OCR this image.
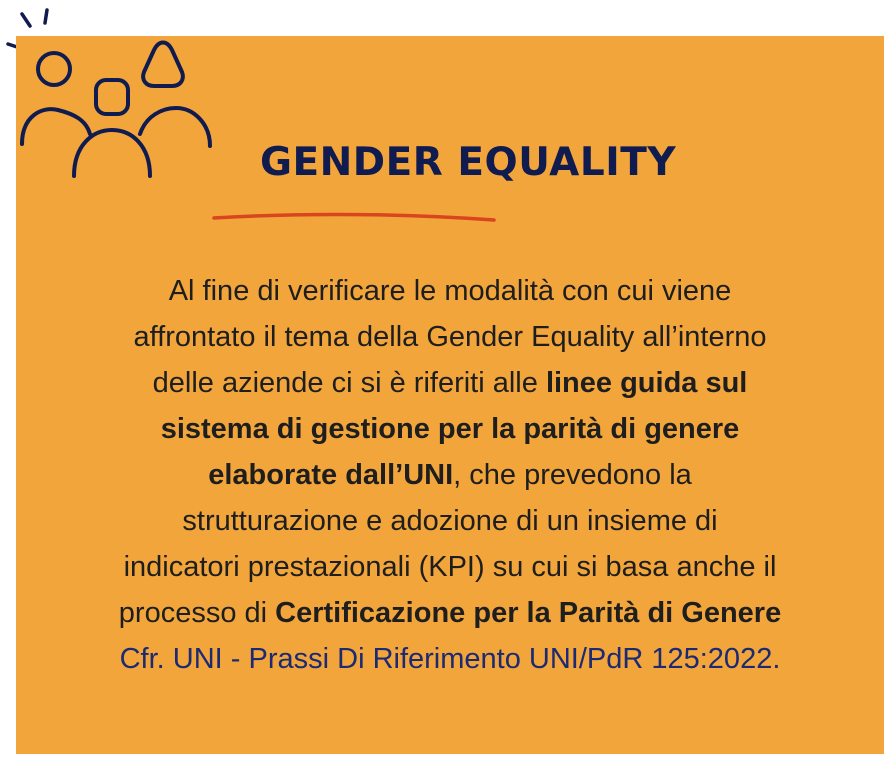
GENDER EQUALITY
Al fine di verificare le modalità con cui viene
affrontato il tema della Gender Equality all’interno
delle aziende ci si è riferiti alle linee guida sul
sistema di gestione per la parità di genere
elaborate dall’UNI, che prevedono la
strutturazione e adozione di un insieme di
indicatori prestazionali (KPI) su cui si basa anche il
processo di Certificazione per la Parità di Genere
Cfr. UNI - Prassi Di Riferimento UNI/PdR 125:2022.
